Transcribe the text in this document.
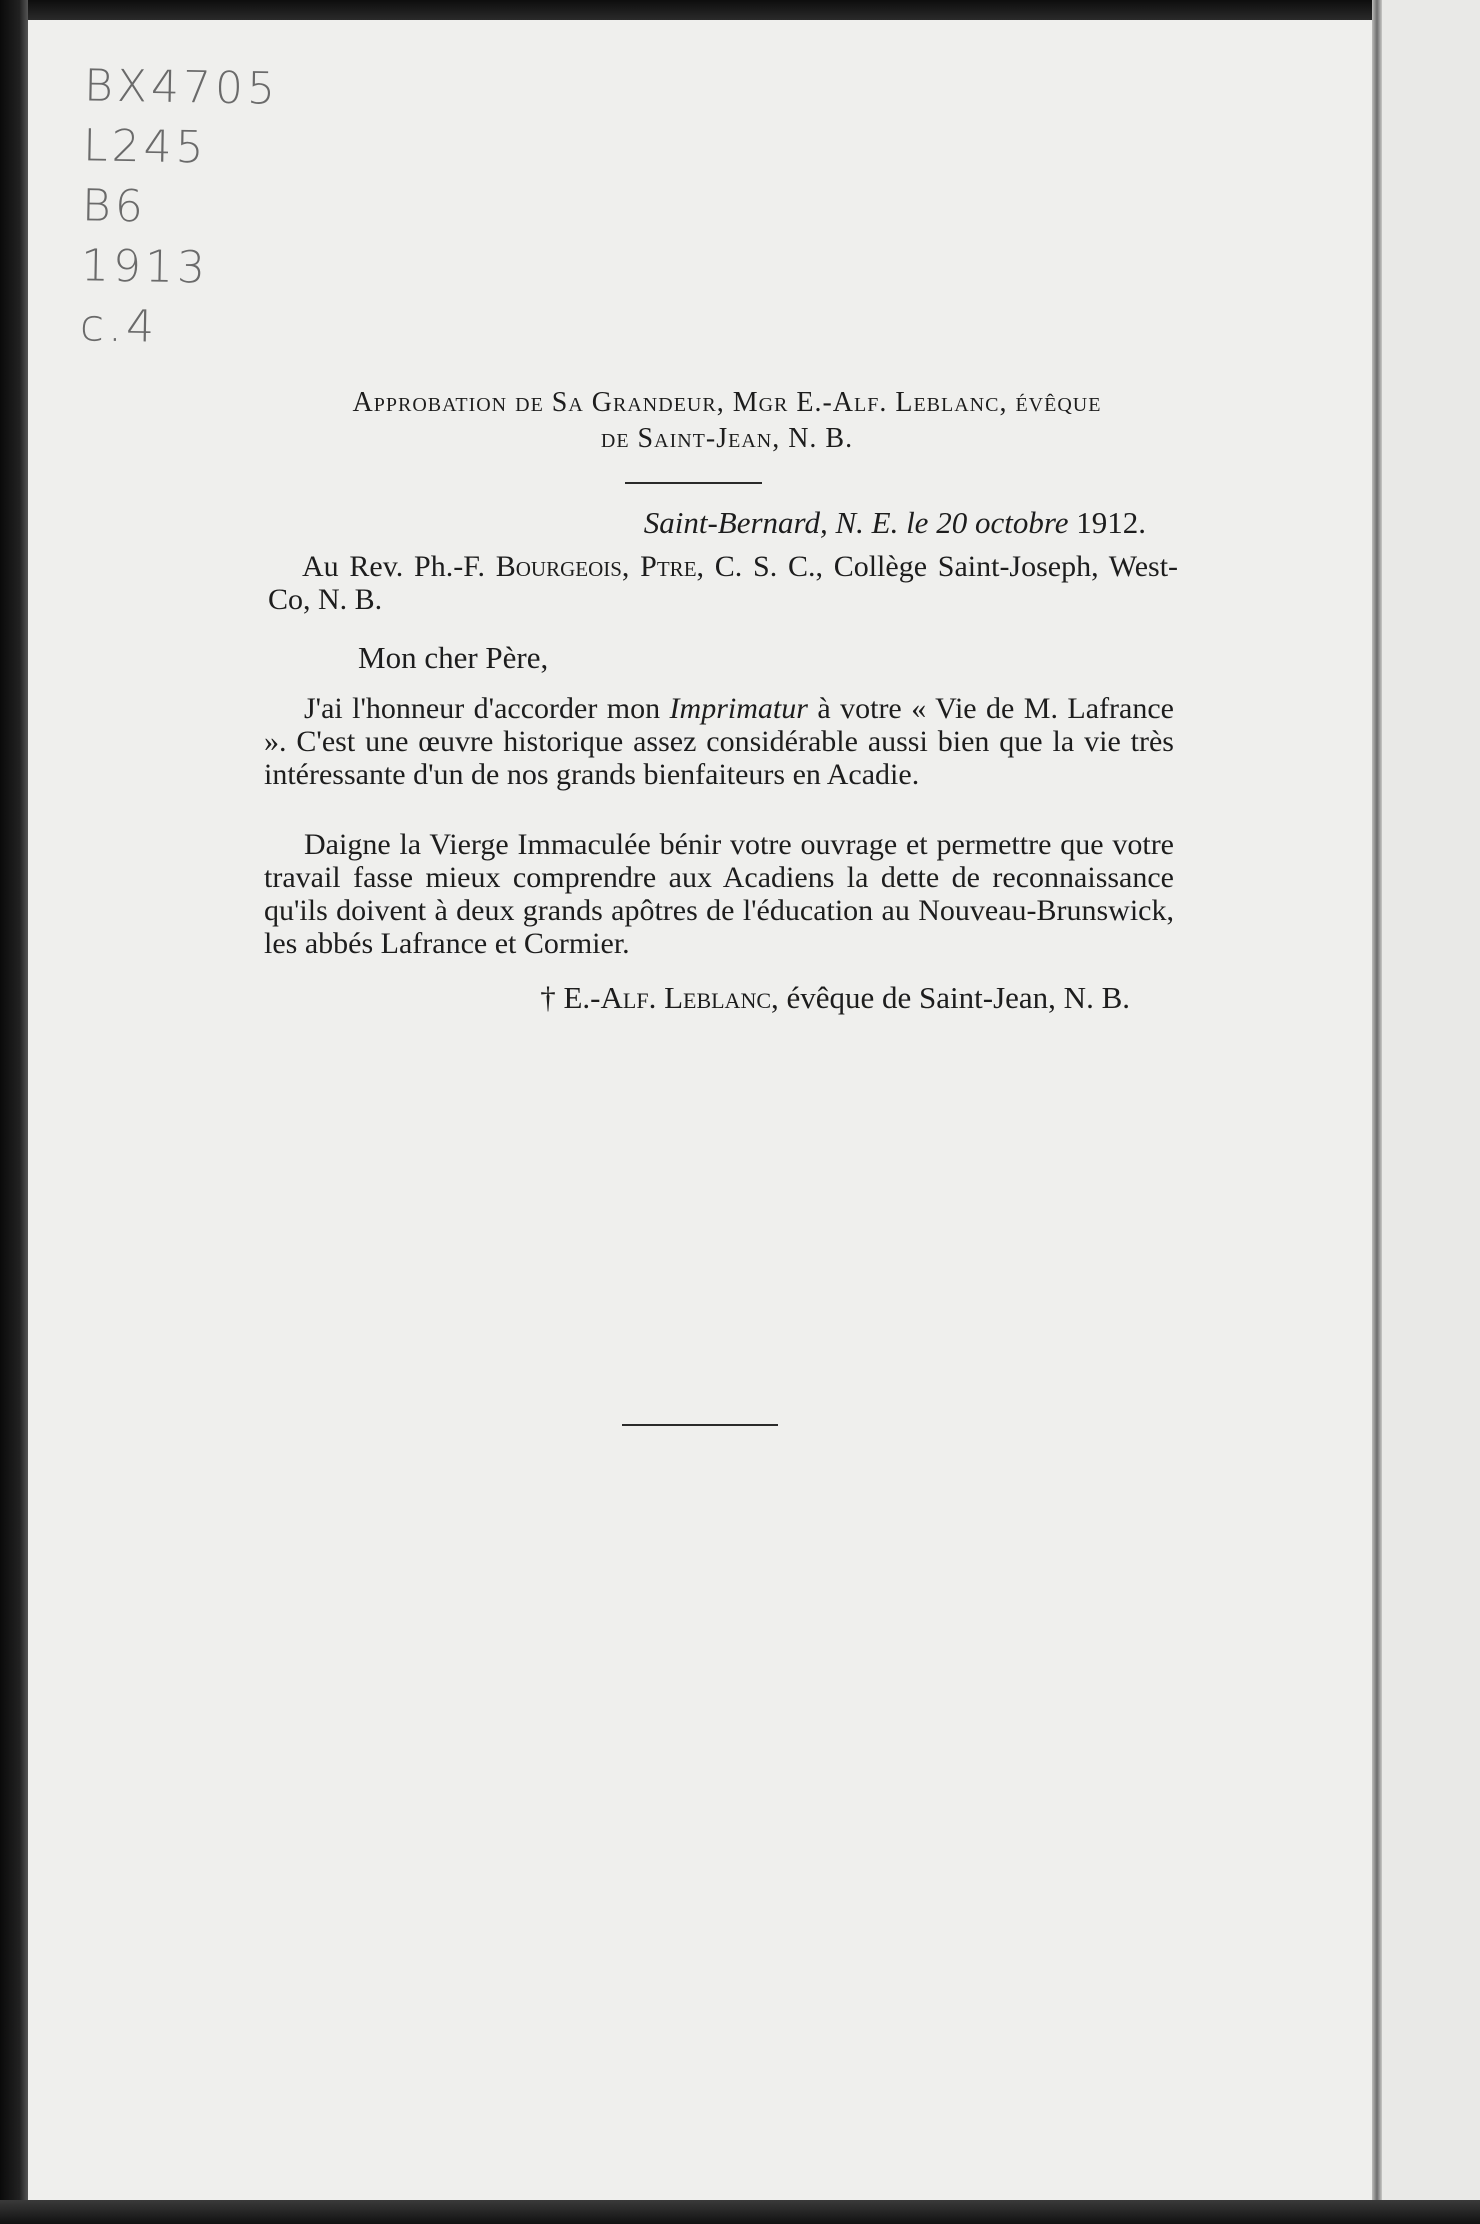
BX4705
L245
B6
1913
c.4
Approbation de Sa Grandeur, Mgr E.-Alf. Leblanc, évêque
de Saint-Jean, N. B.
Saint-Bernard, N. E. le 20 octobre 1912.
Au Rev. Ph.-F. Bourgeois, Ptre, C. S. C., Collège Saint-Joseph, West-Co, N. B.
Mon cher Père,
J'ai l'honneur d'accorder mon Imprimatur à votre « Vie de M. Lafrance ». C'est une œuvre historique assez considérable aussi bien que la vie très intéressante d'un de nos grands bienfaiteurs en Acadie.
Daigne la Vierge Immaculée bénir votre ouvrage et permettre que votre travail fasse mieux comprendre aux Acadiens la dette de reconnaissance qu'ils doivent à deux grands apôtres de l'éducation au Nouveau-Brunswick, les abbés Lafrance et Cormier.
† E.-Alf. Leblanc, évêque de Saint-Jean, N. B.
